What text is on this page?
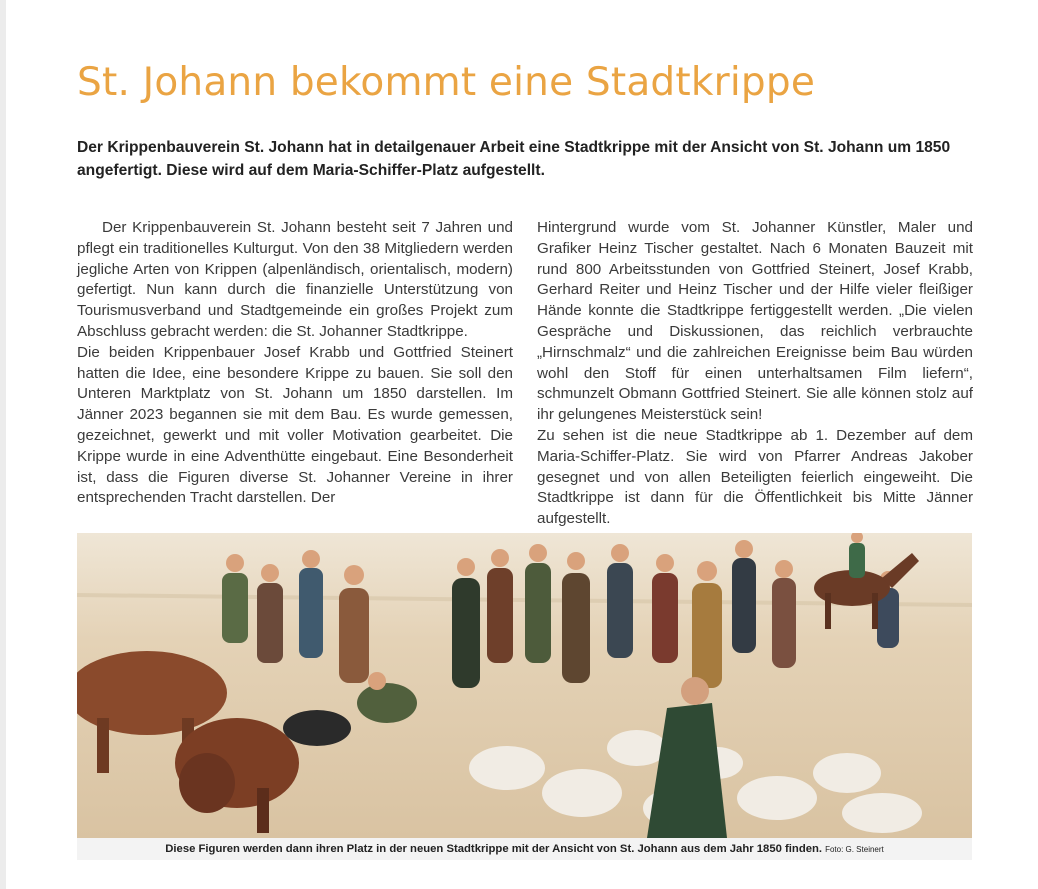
St. Johann bekommt eine Stadtkrippe

Der Krippenbauverein St. Johann hat in detailgenauer Arbeit eine Stadtkrippe mit der Ansicht von St. Johann um 1850 angefertigt. Diese wird auf dem Maria-Schiffer-Platz aufgestellt.

Der Krippenbauverein St. Johann besteht seit 7 Jahren und pflegt ein traditionelles Kulturgut. Von den 38 Mitgliedern werden jegliche Arten von Krippen (alpenländisch, orientalisch, modern) gefertigt. Nun kann durch die finanzielle Unterstützung von Tourismusverband und Stadtgemeinde ein großes Projekt zum Abschluss gebracht werden: die St. Johanner Stadtkrippe.

Die beiden Krippenbauer Josef Krabb und Gottfried Steinert hatten die Idee, eine besondere Krippe zu bauen. Sie soll den Unteren Marktplatz von St. Johann um 1850 darstellen. Im Jänner 2023 begannen sie mit dem Bau. Es wurde gemessen, gezeichnet, gewerkt und mit voller Motivation gearbeitet. Die Krippe wurde in eine Adventhütte eingebaut. Eine Besonderheit ist, dass die Figuren diverse St. Johanner Vereine in ihrer entsprechenden Tracht darstellen. Der

Hintergrund wurde vom St. Johanner Künstler, Maler und Grafiker Heinz Tischer gestaltet. Nach 6 Monaten Bauzeit mit rund 800 Arbeitsstunden von Gottfried Steinert, Josef Krabb, Gerhard Reiter und Heinz Tischer und der Hilfe vieler fleißiger Hände konnte die Stadtkrippe fertiggestellt werden. „Die vielen Gespräche und Diskussionen, das reichlich verbrauchte „Hirnschmalz“ und die zahlreichen Ereignisse beim Bau würden wohl den Stoff für einen unterhaltsamen Film liefern“, schmunzelt Obmann Gottfried Steinert. Sie alle können stolz auf ihr gelungenes Meisterstück sein!

Zu sehen ist die neue Stadtkrippe ab 1. Dezember auf dem Maria-Schiffer-Platz. Sie wird von Pfarrer Andreas Jakober gesegnet und von allen Beteiligten feierlich eingeweiht. Die Stadtkrippe ist dann für die Öffentlichkeit bis Mitte Jänner aufgestellt.

Diese Figuren werden dann ihren Platz in der neuen Stadtkrippe mit der Ansicht von St. Johann aus dem Jahr 1850 finden. Foto: G. Steinert
